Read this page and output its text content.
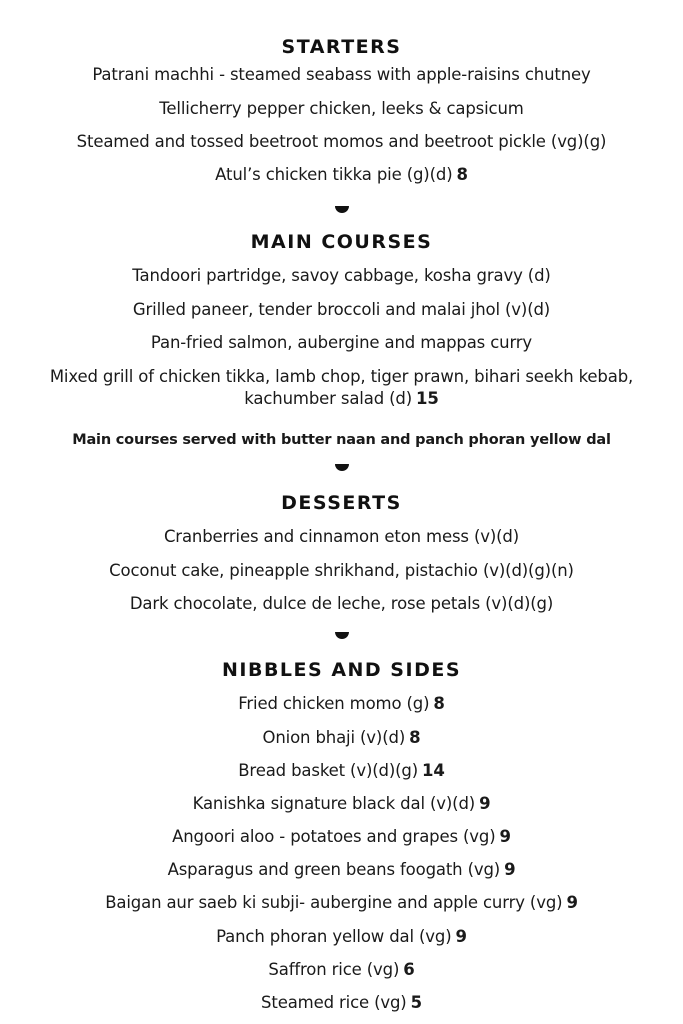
STARTERS
Patrani machhi - steamed seabass with apple-raisins chutney
Tellicherry pepper chicken, leeks & capsicum
Steamed and tossed beetroot momos and beetroot pickle (vg)(g)
Atul’s chicken tikka pie (g)(d) 8
MAIN COURSES
Tandoori partridge, savoy cabbage, kosha gravy (d)
Grilled paneer, tender broccoli and malai jhol (v)(d)
Pan-fried salmon, aubergine and mappas curry
Mixed grill of chicken tikka, lamb chop, tiger prawn, bihari seekh kebab, kachumber salad (d) 15
Main courses served with butter naan and panch phoran yellow dal
DESSERTS
Cranberries and cinnamon eton mess (v)(d)
Coconut cake, pineapple shrikhand, pistachio (v)(d)(g)(n)
Dark chocolate, dulce de leche, rose petals (v)(d)(g)
NIBBLES AND SIDES
Fried chicken momo (g) 8
Onion bhaji (v)(d) 8
Bread basket (v)(d)(g) 14
Kanishka signature black dal (v)(d) 9
Angoori aloo - potatoes and grapes (vg) 9
Asparagus and green beans foogath (vg) 9
Baigan aur saeb ki subji- aubergine and apple curry (vg) 9
Panch phoran yellow dal (vg) 9
Saffron rice (vg) 6
Steamed rice (vg) 5
